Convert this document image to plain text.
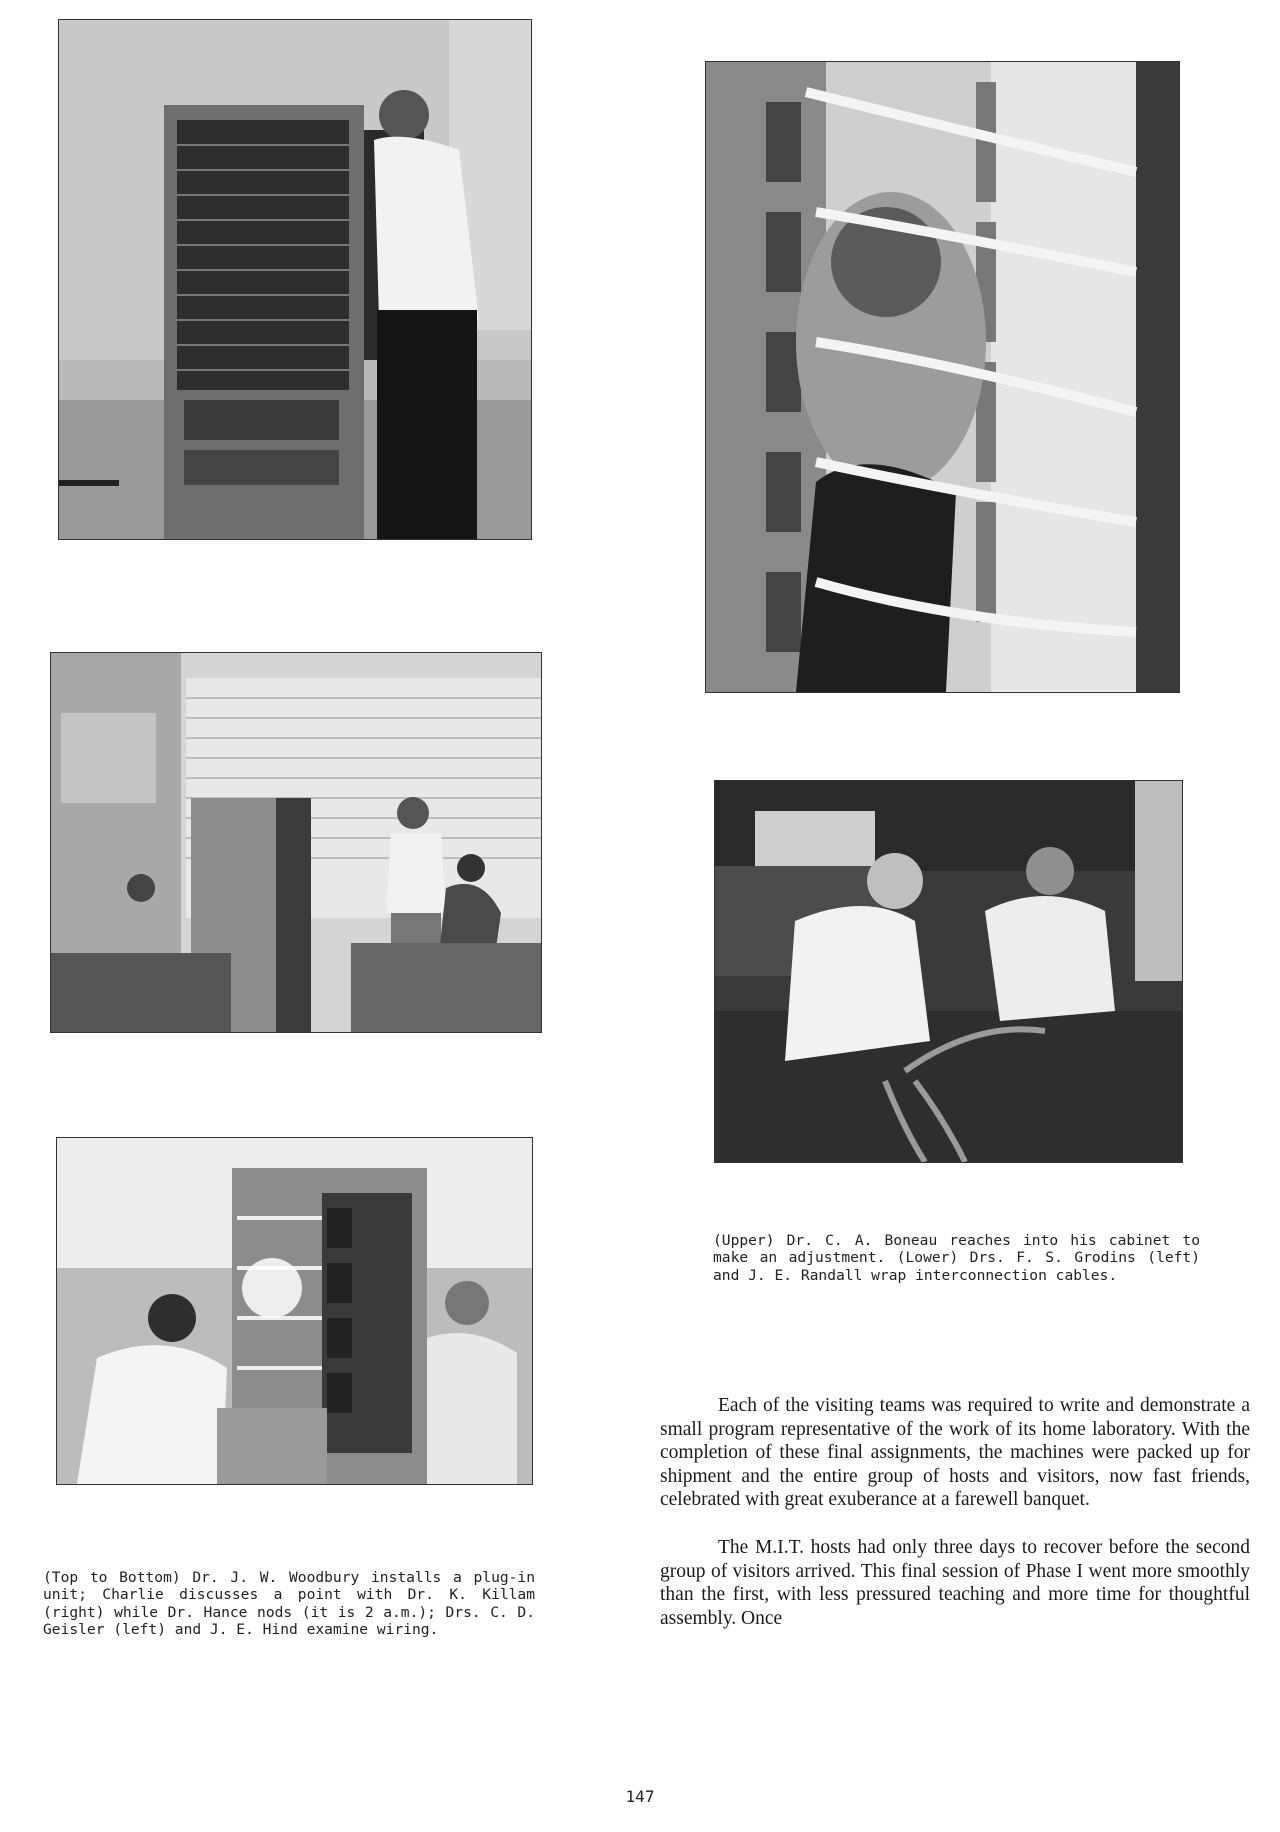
(Upper) Dr. C. A. Boneau reaches into his cabinet to make an adjustment. (Lower) Drs. F. S. Grodins (left) and J. E. Randall wrap interconnection cables.
(Top to Bottom) Dr. J. W. Woodbury installs a plug-in unit; Charlie discusses a point with Dr. K. Killam (right) while Dr. Hance nods (it is 2 a.m.); Drs. C. D. Geisler (left) and J. E. Hind examine wiring.

Each of the visiting teams was required to write and demonstrate a small program representative of the work of its home laboratory. With the completion of these final assignments, the machines were packed up for shipment and the entire group of hosts and visitors, now fast friends, celebrated with great exuberance at a farewell banquet.

The M.I.T. hosts had only three days to recover before the second group of visitors arrived. This final session of Phase I went more smoothly than the first, with less pressured teaching and more time for thoughtful assembly. Once

147
